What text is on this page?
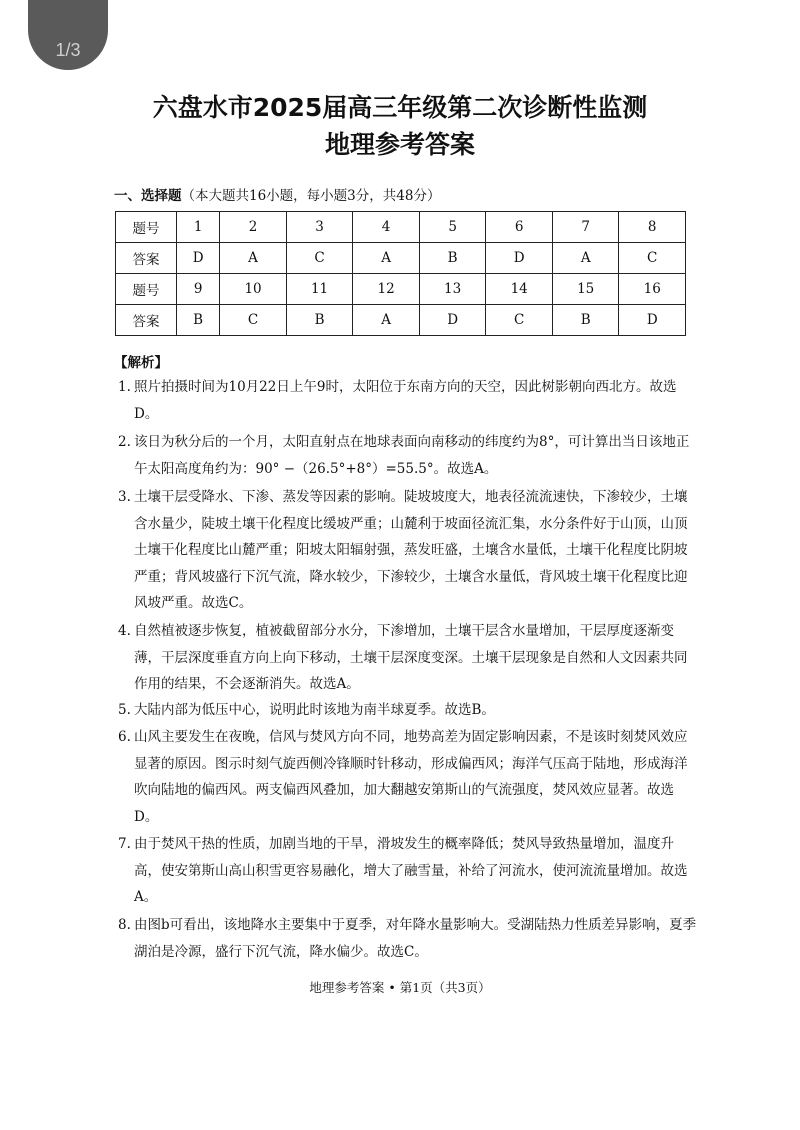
1/3
六盘水市2025届高三年级第二次诊断性监测
地理参考答案
一、选择题（本大题共16小题，每小题3分，共48分）
题号	1	2	3	4	5	6	7	8
答案	D	A	C	A	B	D	A	C
题号	9	10	11	12	13	14	15	16
答案	B	C	B	A	D	C	B	D
【解析】
1. 照片拍摄时间为10月22日上午9时，太阳位于东南方向的天空，因此树影朝向西北方。故选D。
2. 该日为秋分后的一个月，太阳直射点在地球表面向南移动的纬度约为8°，可计算出当日该地正午太阳高度角约为：90° −（26.5°+8°）=55.5°。故选A。
3. 土壤干层受降水、下渗、蒸发等因素的影响。陡坡坡度大，地表径流流速快，下渗较少，土壤含水量少，陡坡土壤干化程度比缓坡严重；山麓利于坡面径流汇集，水分条件好于山顶，山顶土壤干化程度比山麓严重；阳坡太阳辐射强，蒸发旺盛，土壤含水量低，土壤干化程度比阴坡严重；背风坡盛行下沉气流，降水较少，下渗较少，土壤含水量低，背风坡土壤干化程度比迎风坡严重。故选C。
4. 自然植被逐步恢复，植被截留部分水分，下渗增加，土壤干层含水量增加，干层厚度逐渐变薄，干层深度垂直方向上向下移动，土壤干层深度变深。土壤干层现象是自然和人文因素共同作用的结果，不会逐渐消失。故选A。
5. 大陆内部为低压中心，说明此时该地为南半球夏季。故选B。
6. 山风主要发生在夜晚，信风与焚风方向不同，地势高差为固定影响因素，不是该时刻焚风效应显著的原因。图示时刻气旋西侧冷锋顺时针移动，形成偏西风；海洋气压高于陆地，形成海洋吹向陆地的偏西风。两支偏西风叠加，加大翻越安第斯山的气流强度，焚风效应显著。故选D。
7. 由于焚风干热的性质，加剧当地的干旱，滑坡发生的概率降低；焚风导致热量增加，温度升高，使安第斯山高山积雪更容易融化，增大了融雪量，补给了河流水，使河流流量增加。故选A。
8. 由图b可看出，该地降水主要集中于夏季，对年降水量影响大。受湖陆热力性质差异影响，夏季湖泊是冷源，盛行下沉气流，降水偏少。故选C。
地理参考答案 • 第1页（共3页）
